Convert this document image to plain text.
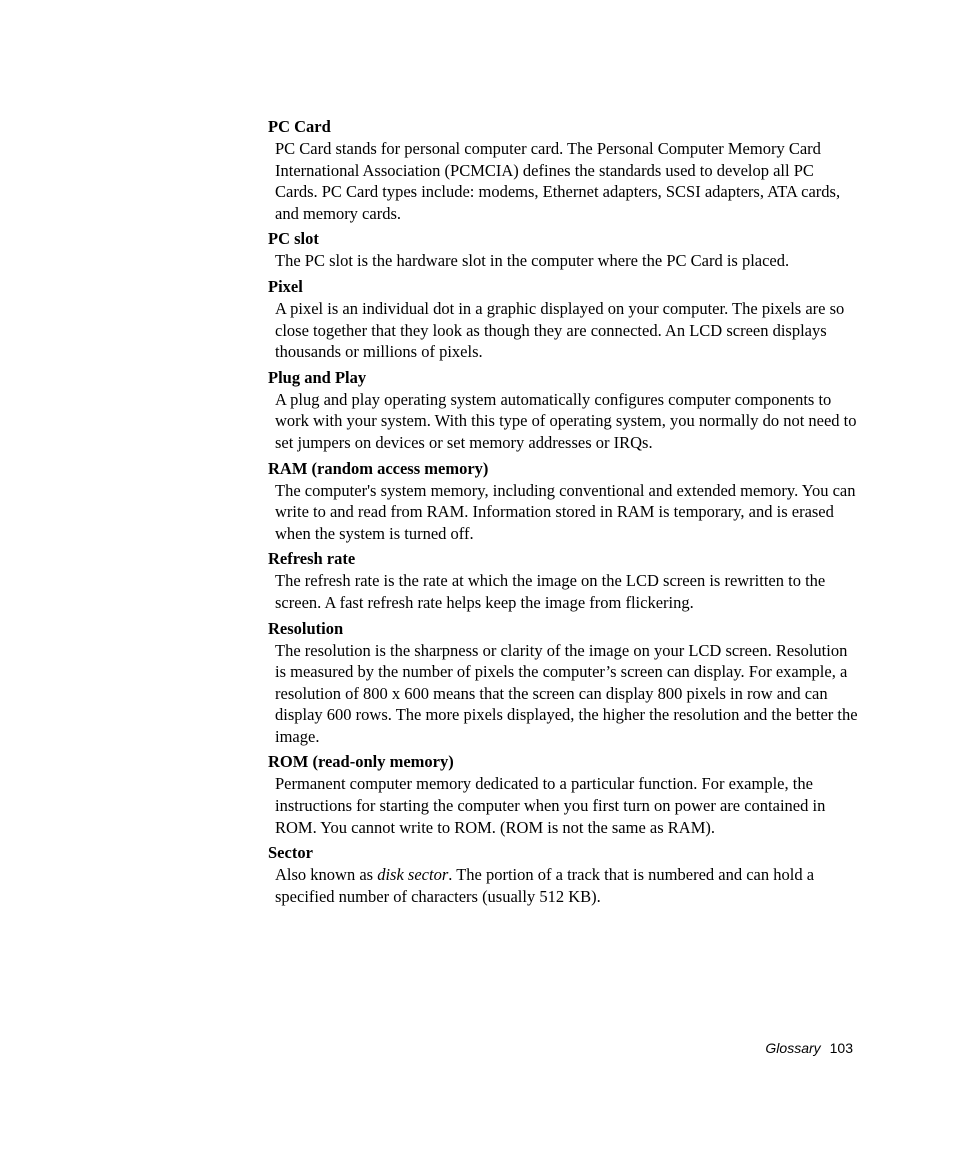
PC Card

PC Card stands for personal computer card. The Personal Computer Memory Card International Association (PCMCIA) defines the standards used to develop all PC Cards. PC Card types include: modems, Ethernet adapters, SCSI adapters, ATA cards, and memory cards.

PC slot

The PC slot is the hardware slot in the computer where the PC Card is placed.

Pixel

A pixel is an individual dot in a graphic displayed on your computer. The pixels are so close together that they look as though they are connected. An LCD screen displays thousands or millions of pixels.

Plug and Play

A plug and play operating system automatically configures computer components to work with your system. With this type of operating system, you normally do not need to set jumpers on devices or set memory addresses or IRQs.

RAM (random access memory)

The computer's system memory, including conventional and extended memory. You can write to and read from RAM. Information stored in RAM is temporary, and is erased when the system is turned off.

Refresh rate

The refresh rate is the rate at which the image on the LCD screen is rewritten to the screen. A fast refresh rate helps keep the image from flickering.

Resolution

The resolution is the sharpness or clarity of the image on your LCD screen. Resolution is measured by the number of pixels the computer’s screen can display. For example, a resolution of 800 x 600 means that the screen can display 800 pixels in row and can display 600 rows. The more pixels displayed, the higher the resolution and the better the image.

ROM (read-only memory)

Permanent computer memory dedicated to a particular function. For example, the instructions for starting the computer when you first turn on power are contained in ROM. You cannot write to ROM. (ROM is not the same as RAM).

Sector

Also known as disk sector. The portion of a track that is numbered and can hold a specified number of characters (usually 512 KB).

Glossary 103
